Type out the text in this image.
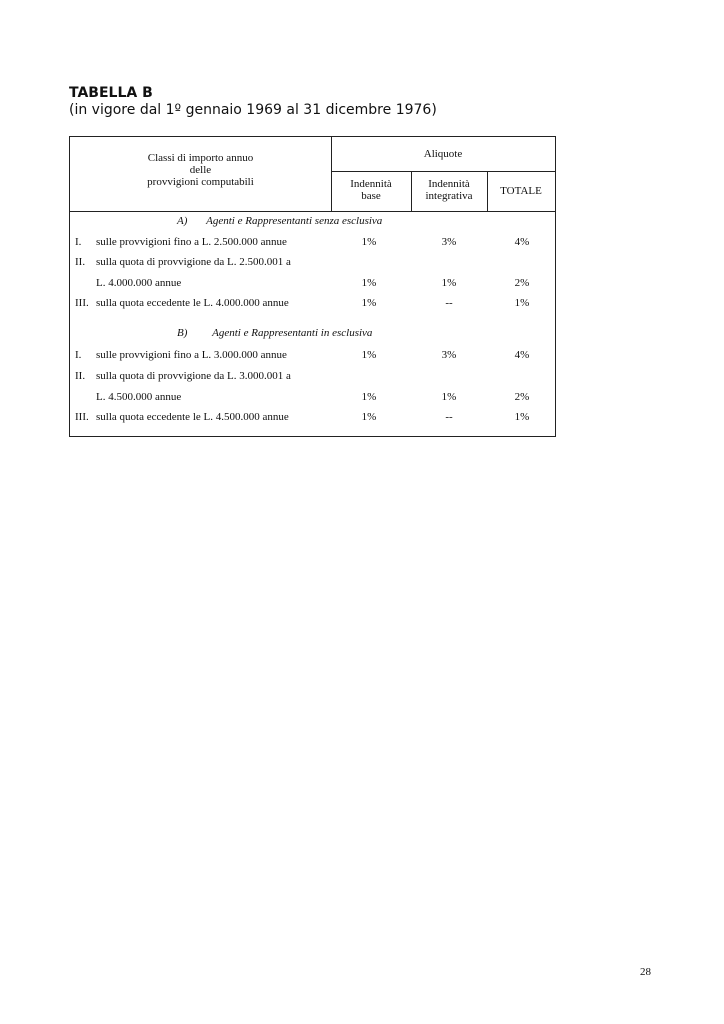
TABELLA B
(in vigore dal 1º gennaio 1969 al 31 dicembre 1976)
Classi di importo annuo
delle
provvigioni computabili
Aliquote
Indennità
base
Indennità
integrativa	TOTALE
A) Agenti e Rappresentanti senza esclusiva
I. sulle provvigioni fino a L. 2.500.000 annue	1%	3%	4%
II. sulla quota di provvigione da L. 2.500.001 a
L. 4.000.000 annue	1%	1%	2%
III. sulla quota eccedente le L. 4.000.000 annue	1%	--	1%
B) Agenti e Rappresentanti in esclusiva
I. sulle provvigioni fino a L. 3.000.000 annue	1%	3%	4%
II. sulla quota di provvigione da L. 3.000.001 a
L. 4.500.000 annue	1%	1%	2%
III. sulla quota eccedente le L. 4.500.000 annue	1%	--	1%
28
